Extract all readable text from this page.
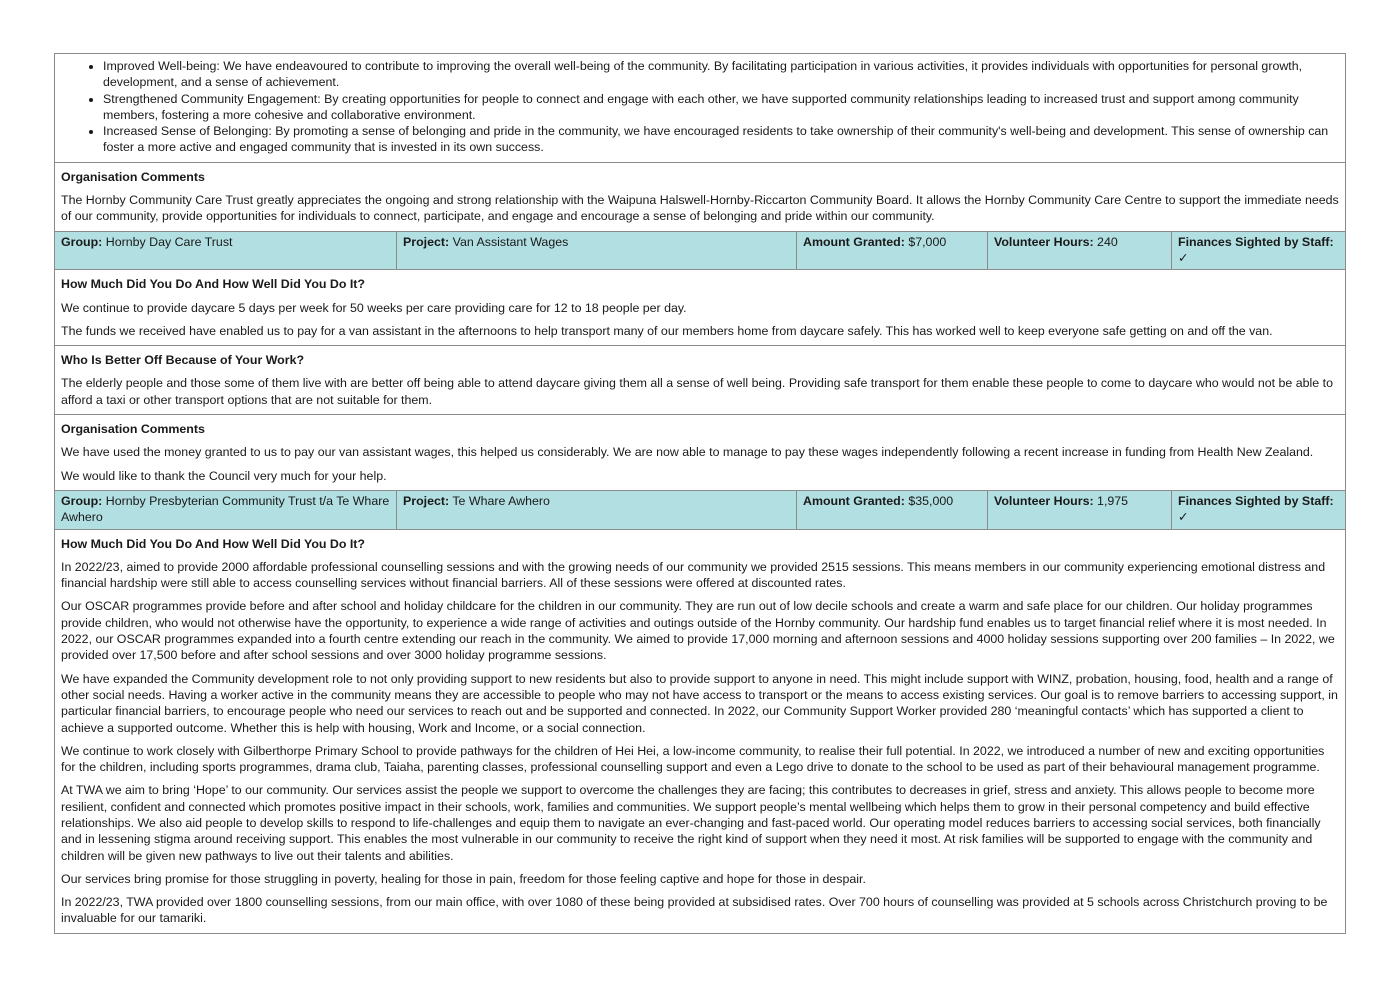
• Improved Well-being: We have endeavoured to contribute to improving the overall well-being of the community. By facilitating participation in various activities, it provides individuals with opportunities for personal growth, development, and a sense of achievement.
• Strengthened Community Engagement: By creating opportunities for people to connect and engage with each other, we have supported community relationships leading to increased trust and support among community members, fostering a more cohesive and collaborative environment.
• Increased Sense of Belonging: By promoting a sense of belonging and pride in the community, we have encouraged residents to take ownership of their community's well-being and development. This sense of ownership can foster a more active and engaged community that is invested in its own success.
Organisation Comments

The Hornby Community Care Trust greatly appreciates the ongoing and strong relationship with the Waipuna Halswell-Hornby-Riccarton Community Board. It allows the Hornby Community Care Centre to support the immediate needs of our community, provide opportunities for individuals to connect, participate, and engage and encourage a sense of belonging and pride within our community.

Group: Hornby Day Care Trust	Project: Van Assistant Wages	Amount Granted: $7,000	Volunteer Hours: 240	Finances Sighted by Staff: ✓
How Much Did You Do And How Well Did You Do It?

We continue to provide daycare 5 days per week for 50 weeks per care providing care for 12 to 18 people per day.

The funds we received have enabled us to pay for a van assistant in the afternoons to help transport many of our members home from daycare safely. This has worked well to keep everyone safe getting on and off the van.

Who Is Better Off Because of Your Work?

The elderly people and those some of them live with are better off being able to attend daycare giving them all a sense of well being. Providing safe transport for them enable these people to come to daycare who would not be able to afford a taxi or other transport options that are not suitable for them.

Organisation Comments

We have used the money granted to us to pay our van assistant wages, this helped us considerably. We are now able to manage to pay these wages independently following a recent increase in funding from Health New Zealand.

We would like to thank the Council very much for your help.

Group: Hornby Presbyterian Community Trust t/a Te Whare Awhero
Project: Te Whare Awhero	Amount Granted: $35,000	Volunteer Hours: 1,975	Finances Sighted by Staff: ✓
How Much Did You Do And How Well Did You Do It?

In 2022/23, aimed to provide 2000 affordable professional counselling sessions and with the growing needs of our community we provided 2515 sessions. This means members in our community experiencing emotional distress and financial hardship were still able to access counselling services without financial barriers. All of these sessions were offered at discounted rates.

Our OSCAR programmes provide before and after school and holiday childcare for the children in our community. They are run out of low decile schools and create a warm and safe place for our children. Our holiday programmes provide children, who would not otherwise have the opportunity, to experience a wide range of activities and outings outside of the Hornby community. Our hardship fund enables us to target financial relief where it is most needed. In 2022, our OSCAR programmes expanded into a fourth centre extending our reach in the community. We aimed to provide 17,000 morning and afternoon sessions and 4000 holiday sessions supporting over 200 families – In 2022, we provided over 17,500 before and after school sessions and over 3000 holiday programme sessions.

We have expanded the Community development role to not only providing support to new residents but also to provide support to anyone in need. This might include support with WINZ, probation, housing, food, health and a range of other social needs. Having a worker active in the community means they are accessible to people who may not have access to transport or the means to access existing services. Our goal is to remove barriers to accessing support, in particular financial barriers, to encourage people who need our services to reach out and be supported and connected. In 2022, our Community Support Worker provided 280 ‘meaningful contacts’ which has supported a client to achieve a supported outcome. Whether this is help with housing, Work and Income, or a social connection.

We continue to work closely with Gilberthorpe Primary School to provide pathways for the children of Hei Hei, a low-income community, to realise their full potential. In 2022, we introduced a number of new and exciting opportunities for the children, including sports programmes, drama club, Taiaha, parenting classes, professional counselling support and even a Lego drive to donate to the school to be used as part of their behavioural management programme.

At TWA we aim to bring ‘Hope’ to our community. Our services assist the people we support to overcome the challenges they are facing; this contributes to decreases in grief, stress and anxiety. This allows people to become more resilient, confident and connected which promotes positive impact in their schools, work, families and communities. We support people’s mental wellbeing which helps them to grow in their personal competency and build effective relationships. We also aid people to develop skills to respond to life-challenges and equip them to navigate an ever-changing and fast-paced world. Our operating model reduces barriers to accessing social services, both financially and in lessening stigma around receiving support. This enables the most vulnerable in our community to receive the right kind of support when they need it most. At risk families will be supported to engage with the community and children will be given new pathways to live out their talents and abilities.

Our services bring promise for those struggling in poverty, healing for those in pain, freedom for those feeling captive and hope for those in despair.

In 2022/23, TWA provided over 1800 counselling sessions, from our main office, with over 1080 of these being provided at subsidised rates. Over 700 hours of counselling was provided at 5 schools across Christchurch proving to be invaluable for our tamariki.
